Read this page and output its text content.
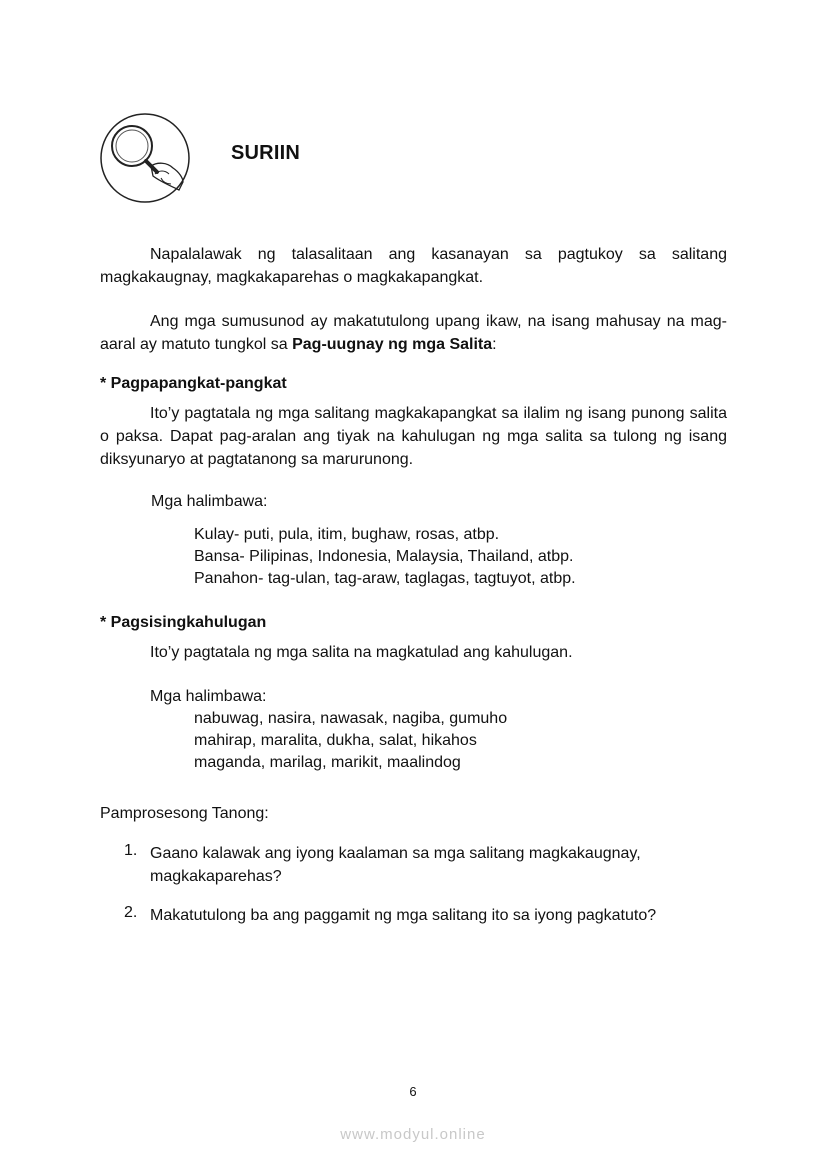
SURIIN
Napalalawak ng talasalitaan ang kasanayan sa pagtukoy sa salitang magkakaugnay, magkakaparehas o magkakapangkat.
Ang mga sumusunod ay makatutulong upang ikaw, na isang mahusay na mag-aaral ay matuto tungkol sa Pag-uugnay ng mga Salita:
* Pagpapangkat-pangkat
Ito’y pagtatala ng mga salitang magkakapangkat sa ilalim ng isang punong salita o paksa. Dapat pag-aralan ang tiyak na kahulugan ng mga salita sa tulong ng isang diksyunaryo at pagtatanong sa marurunong.
Mga halimbawa:
Kulay- puti, pula, itim, bughaw, rosas, atbp.
Bansa- Pilipinas, Indonesia, Malaysia, Thailand, atbp.
Panahon- tag-ulan, tag-araw, taglagas, tagtuyot, atbp.
* Pagsisingkahulugan
Ito’y pagtatala ng mga salita na magkatulad ang kahulugan.
Mga halimbawa:
nabuwag, nasira, nawasak, nagiba, gumuho
mahirap, maralita, dukha, salat, hikahos
maganda, marilag, marikit, maalindog
Pamprosesong Tanong:
1. Gaano kalawak ang iyong kaalaman sa mga salitang magkakaugnay, magkakaparehas?
2. Makatutulong ba ang paggamit ng mga salitang ito sa iyong pagkatuto?
6
www.modyul.online
